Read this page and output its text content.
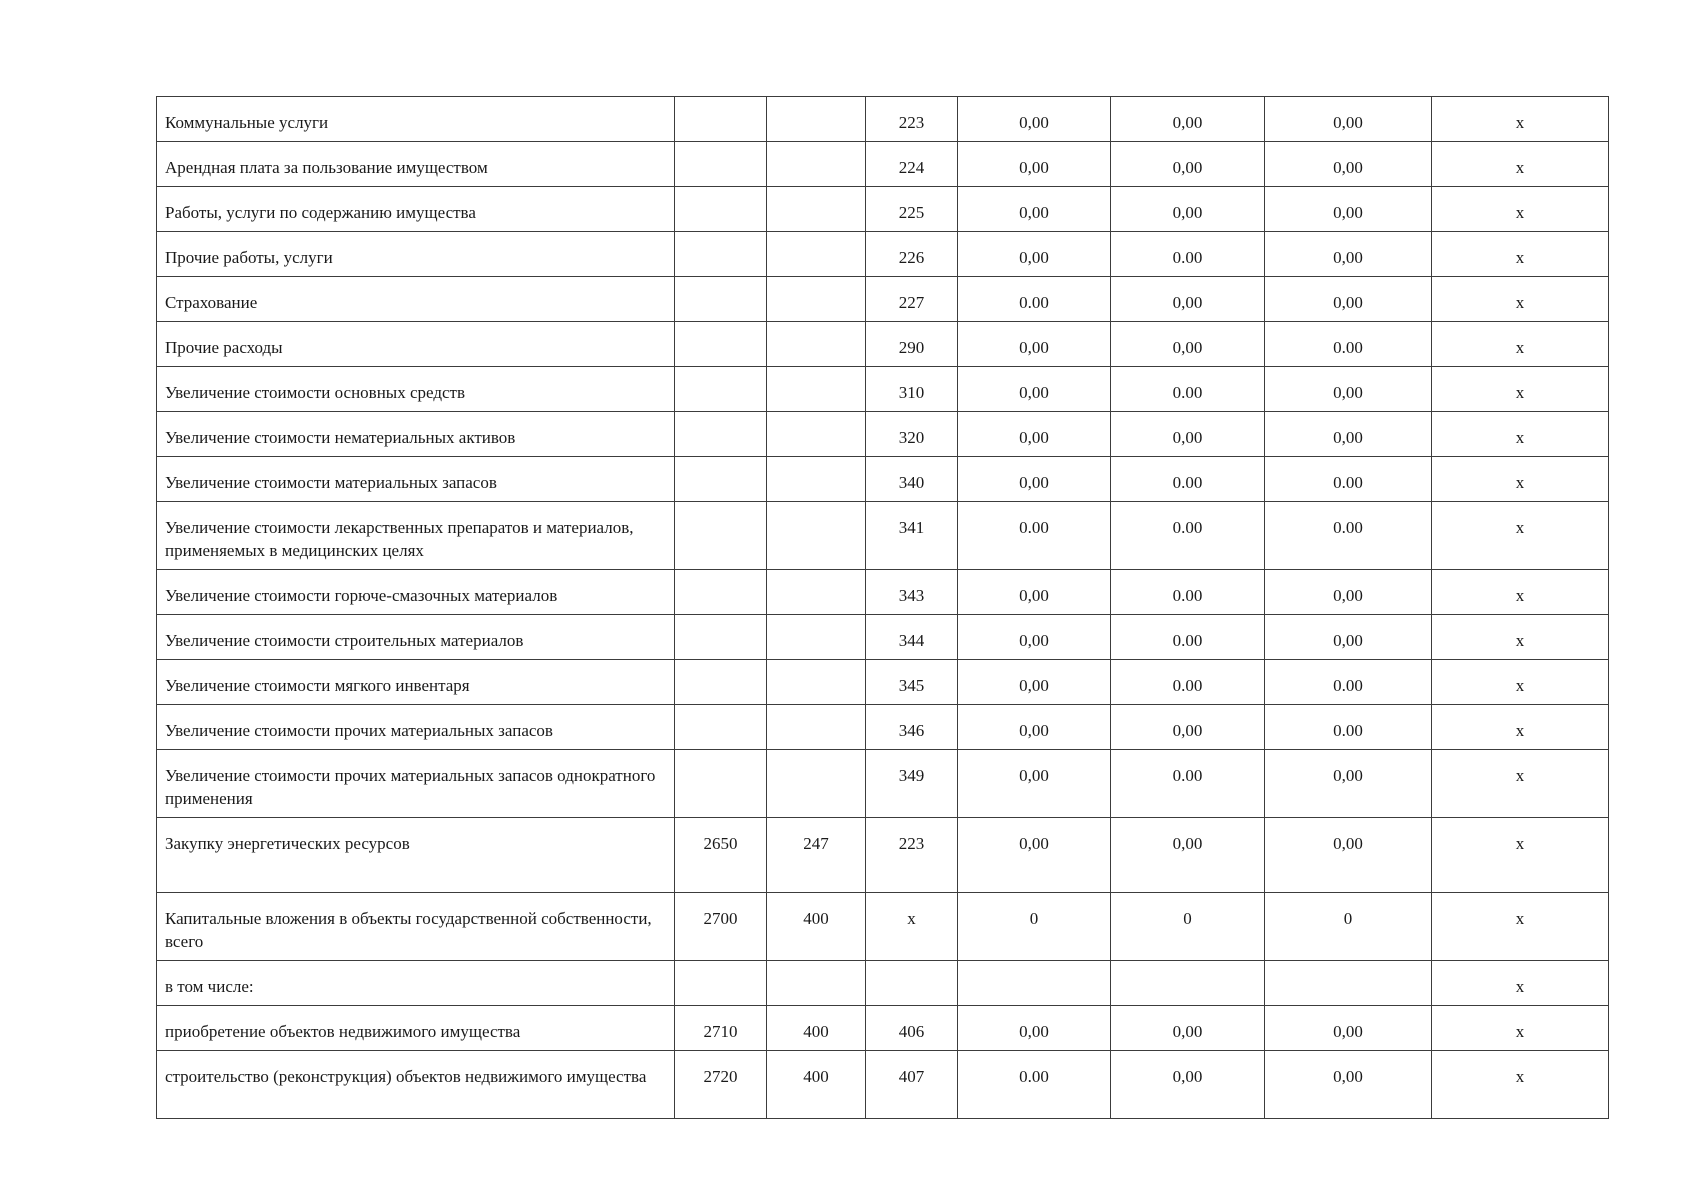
Коммунальные услуги			223	0,00	0,00	0,00	x
Арендная плата за пользование имуществом			224	0,00	0,00	0,00	x
Работы, услуги по содержанию имущества			225	0,00	0,00	0,00	x
Прочие работы, услуги			226	0,00	0.00	0,00	x
Страхование			227	0.00	0,00	0,00	x
Прочие расходы			290	0,00	0,00	0.00	x
Увеличение стоимости основных средств			310	0,00	0.00	0,00	x
Увеличение стоимости нематериальных активов			320	0,00	0,00	0,00	x
Увеличение стоимости материальных запасов			340	0,00	0.00	0.00	x
Увеличение стоимости лекарственных препаратов и материалов, применяемых в медицинских целях			341	0.00	0.00	0.00	x
Увеличение стоимости горюче-смазочных материалов			343	0,00	0.00	0,00	x
Увеличение стоимости строительных материалов			344	0,00	0.00	0,00	x
Увеличение стоимости мягкого инвентаря			345	0,00	0.00	0.00	x
Увеличение стоимости прочих материальных запасов			346	0,00	0,00	0.00	x
Увеличение стоимости прочих материальных запасов однократного применения			349	0,00	0.00	0,00	x
Закупку энергетических ресурсов	2650	247	223	0,00	0,00	0,00	x
Капитальные вложения в объекты государственной собственности, всего	2700	400	x	0	0	0	x
в том числе:							x
приобретение объектов недвижимого имущества	2710	400	406	0,00	0,00	0,00	x
строительство (реконструкция) объектов недвижимого имущества	2720	400	407	0.00	0,00	0,00	x
